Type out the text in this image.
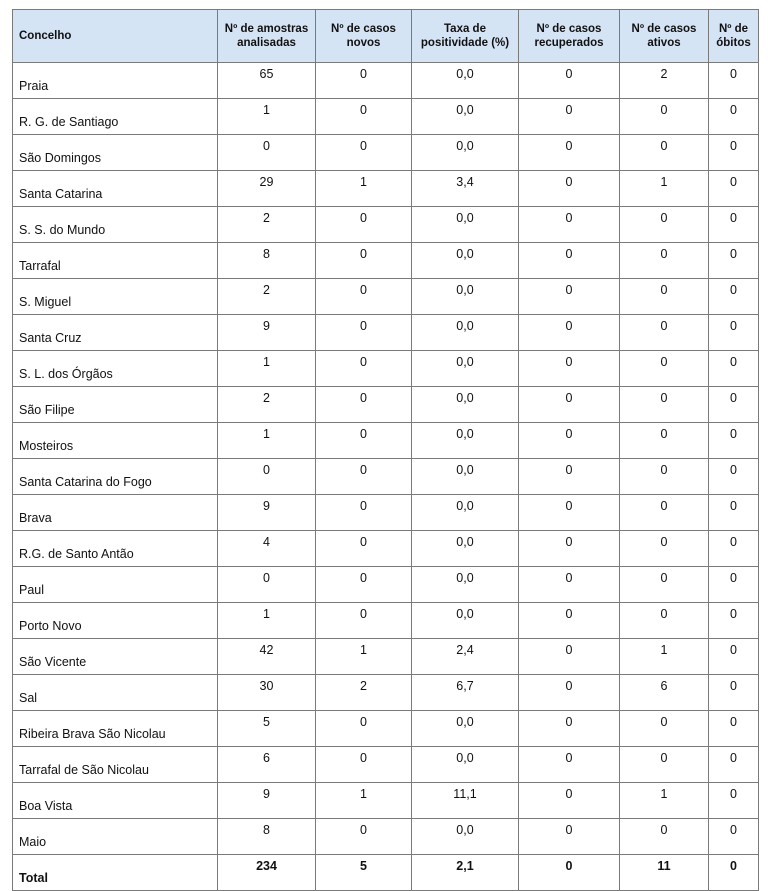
Concelho	Nº de amostras analisadas	Nº de casos novos	Taxa de positividade (%)	Nº de casos recuperados	Nº de casos ativos	Nº de óbitos
Praia	65	0	0,0	0	2	0
R. G. de Santiago	1	0	0,0	0	0	0
São Domingos	0	0	0,0	0	0	0
Santa Catarina	29	1	3,4	0	1	0
S. S. do Mundo	2	0	0,0	0	0	0
Tarrafal	8	0	0,0	0	0	0
S. Miguel	2	0	0,0	0	0	0
Santa Cruz	9	0	0,0	0	0	0
S. L. dos Órgãos	1	0	0,0	0	0	0
São Filipe	2	0	0,0	0	0	0
Mosteiros	1	0	0,0	0	0	0
Santa Catarina do Fogo	0	0	0,0	0	0	0
Brava	9	0	0,0	0	0	0
R.G. de Santo Antão	4	0	0,0	0	0	0
Paul	0	0	0,0	0	0	0
Porto Novo	1	0	0,0	0	0	0
São Vicente	42	1	2,4	0	1	0
Sal	30	2	6,7	0	6	0
Ribeira Brava São Nicolau	5	0	0,0	0	0	0
Tarrafal de São Nicolau	6	0	0,0	0	0	0
Boa Vista	9	1	11,1	0	1	0
Maio	8	0	0,0	0	0	0
Total	234	5	2,1	0	11	0
